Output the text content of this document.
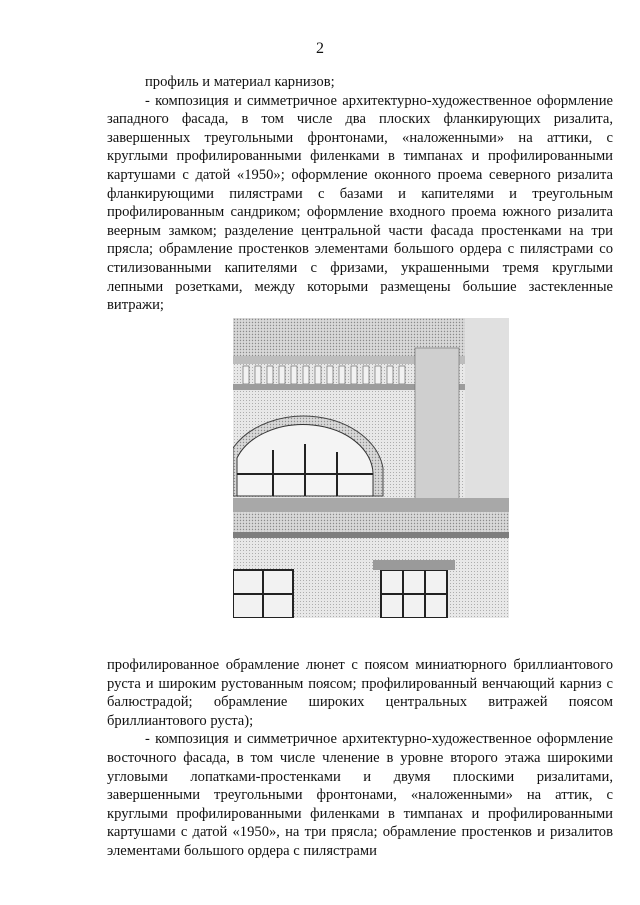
2

профиль и материал карнизов;

- композиция и симметричное архитектурно-художественное оформление западного фасада, в том числе два плоских фланкирующих ризалита, завершенных треугольными фронтонами, «наложенными» на аттики, с круглыми профилированными филенками в тимпанах и профилированными картушами с датой «1950»; оформление оконного проема северного ризалита фланкирующими пилястрами с базами и капителями и треугольным профилированным сандриком; оформление входного проема южного ризалита веерным замком; разделение центральной части фасада простенками на три прясла; обрамление простенков элементами большого ордера с пилястрами со стилизованными капителями с фризами, украшенными тремя круглыми лепными розетками, между которыми размещены большие застекленные витражи;

профилированное обрамление люнет с поясом миниатюрного бриллиантового руста и широким рустованным поясом; профилированный венчающий карниз с балюстрадой; обрамление широких центральных витражей поясом бриллиантового руста);

- композиция и симметричное архитектурно-художественное оформление восточного фасада, в том числе членение в уровне второго этажа широкими угловыми лопатками-простенками и двумя плоскими ризалитами, завершенными треугольными фронтонами, «наложенными» на аттик, с круглыми профилированными филенками в тимпанах и профилированными картушами с датой «1950», на три прясла; обрамление простенков и ризалитов элементами большого ордера с пилястрами
